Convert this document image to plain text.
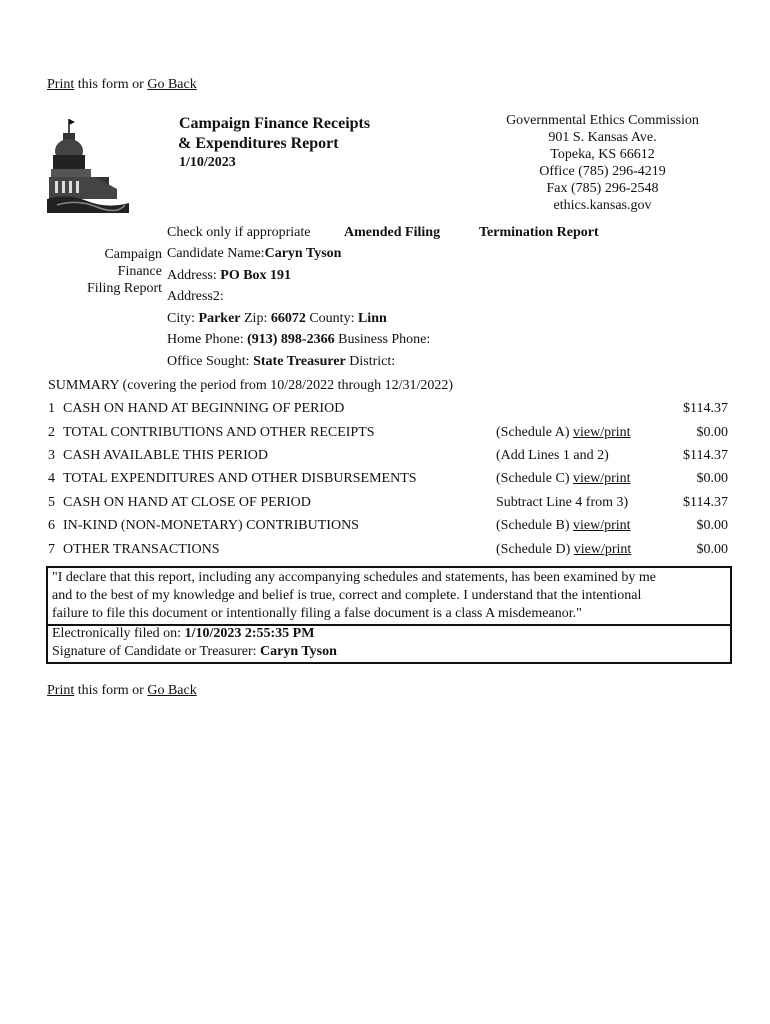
Print this form or Go Back
Campaign Finance Receipts
& Expenditures Report
1/10/2023
Governmental Ethics Commission
901 S. Kansas Ave.
Topeka, KS 66612
Office (785) 296-4219
Fax (785) 296-2548
ethics.kansas.gov
Check only if appropriate Amended Filing	Termination Report
Campaign
Finance
Filing Report
Candidate Name:Caryn Tyson
Address: PO Box 191
Address2:
City: Parker Zip: 66072 County: Linn
Home Phone: (913) 898-2366 Business Phone:
Office Sought: State Treasurer District:
SUMMARY (covering the period from 10/28/2022 through 12/31/2022)
1 CASH ON HAND AT BEGINNING OF PERIOD	$114.37
2 TOTAL CONTRIBUTIONS AND OTHER RECEIPTS	(Schedule A) view/print	$0.00
3 CASH AVAILABLE THIS PERIOD	(Add Lines 1 and 2)	$114.37
4 TOTAL EXPENDITURES AND OTHER DISBURSEMENTS	(Schedule C) view/print	$0.00
5 CASH ON HAND AT CLOSE OF PERIOD	Subtract Line 4 from 3)	$114.37
6 IN-KIND (NON-MONETARY) CONTRIBUTIONS	(Schedule B) view/print	$0.00
7 OTHER TRANSACTIONS	(Schedule D) view/print	$0.00
"I declare that this report, including any accompanying schedules and statements, has been examined by me
and to the best of my knowledge and belief is true, correct and complete. I understand that the intentional
failure to file this document or intentionally filing a false document is a class A misdemeanor."
Electronically filed on: 1/10/2023 2:55:35 PM
Signature of Candidate or Treasurer: Caryn Tyson
Print this form or Go Back
